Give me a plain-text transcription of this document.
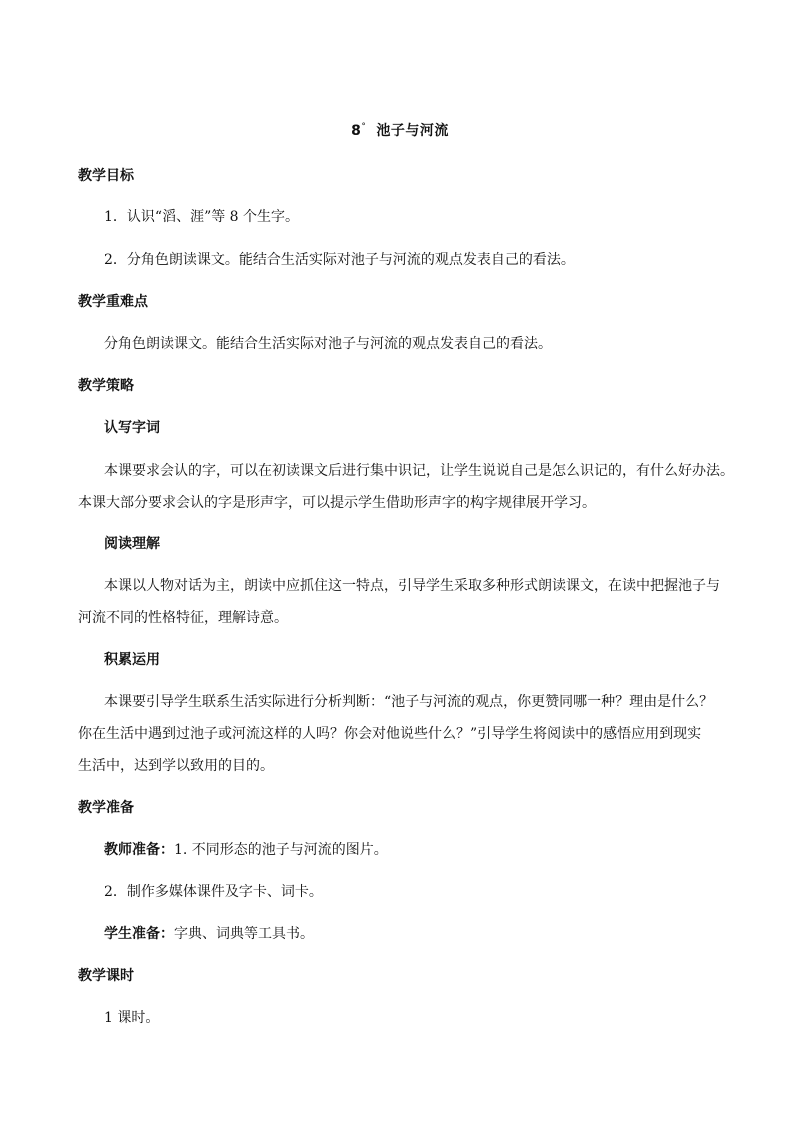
8° 池子与河流
教学目标
1．认识“滔、涯”等 8 个生字。
2．分角色朗读课文。能结合生活实际对池子与河流的观点发表自己的看法。
教学重难点
分角色朗读课文。能结合生活实际对池子与河流的观点发表自己的看法。
教学策略
认写字词
本课要求会认的字，可以在初读课文后进行集中识记，让学生说说自己是怎么识记的，有什么好办法。
本课大部分要求会认的字是形声字，可以提示学生借助形声字的构字规律展开学习。
阅读理解
本课以人物对话为主，朗读中应抓住这一特点，引导学生采取多种形式朗读课文，在读中把握池子与
河流不同的性格特征，理解诗意。
积累运用
本课要引导学生联系生活实际进行分析判断：“池子与河流的观点，你更赞同哪一种？理由是什么？
你在生活中遇到过池子或河流这样的人吗？你会对他说些什么？”引导学生将阅读中的感悟应用到现实
生活中，达到学以致用的目的。
教学准备
教师准备：1. 不同形态的池子与河流的图片。
2．制作多媒体课件及字卡、词卡。
学生准备：字典、词典等工具书。
教学课时
1 课时。
